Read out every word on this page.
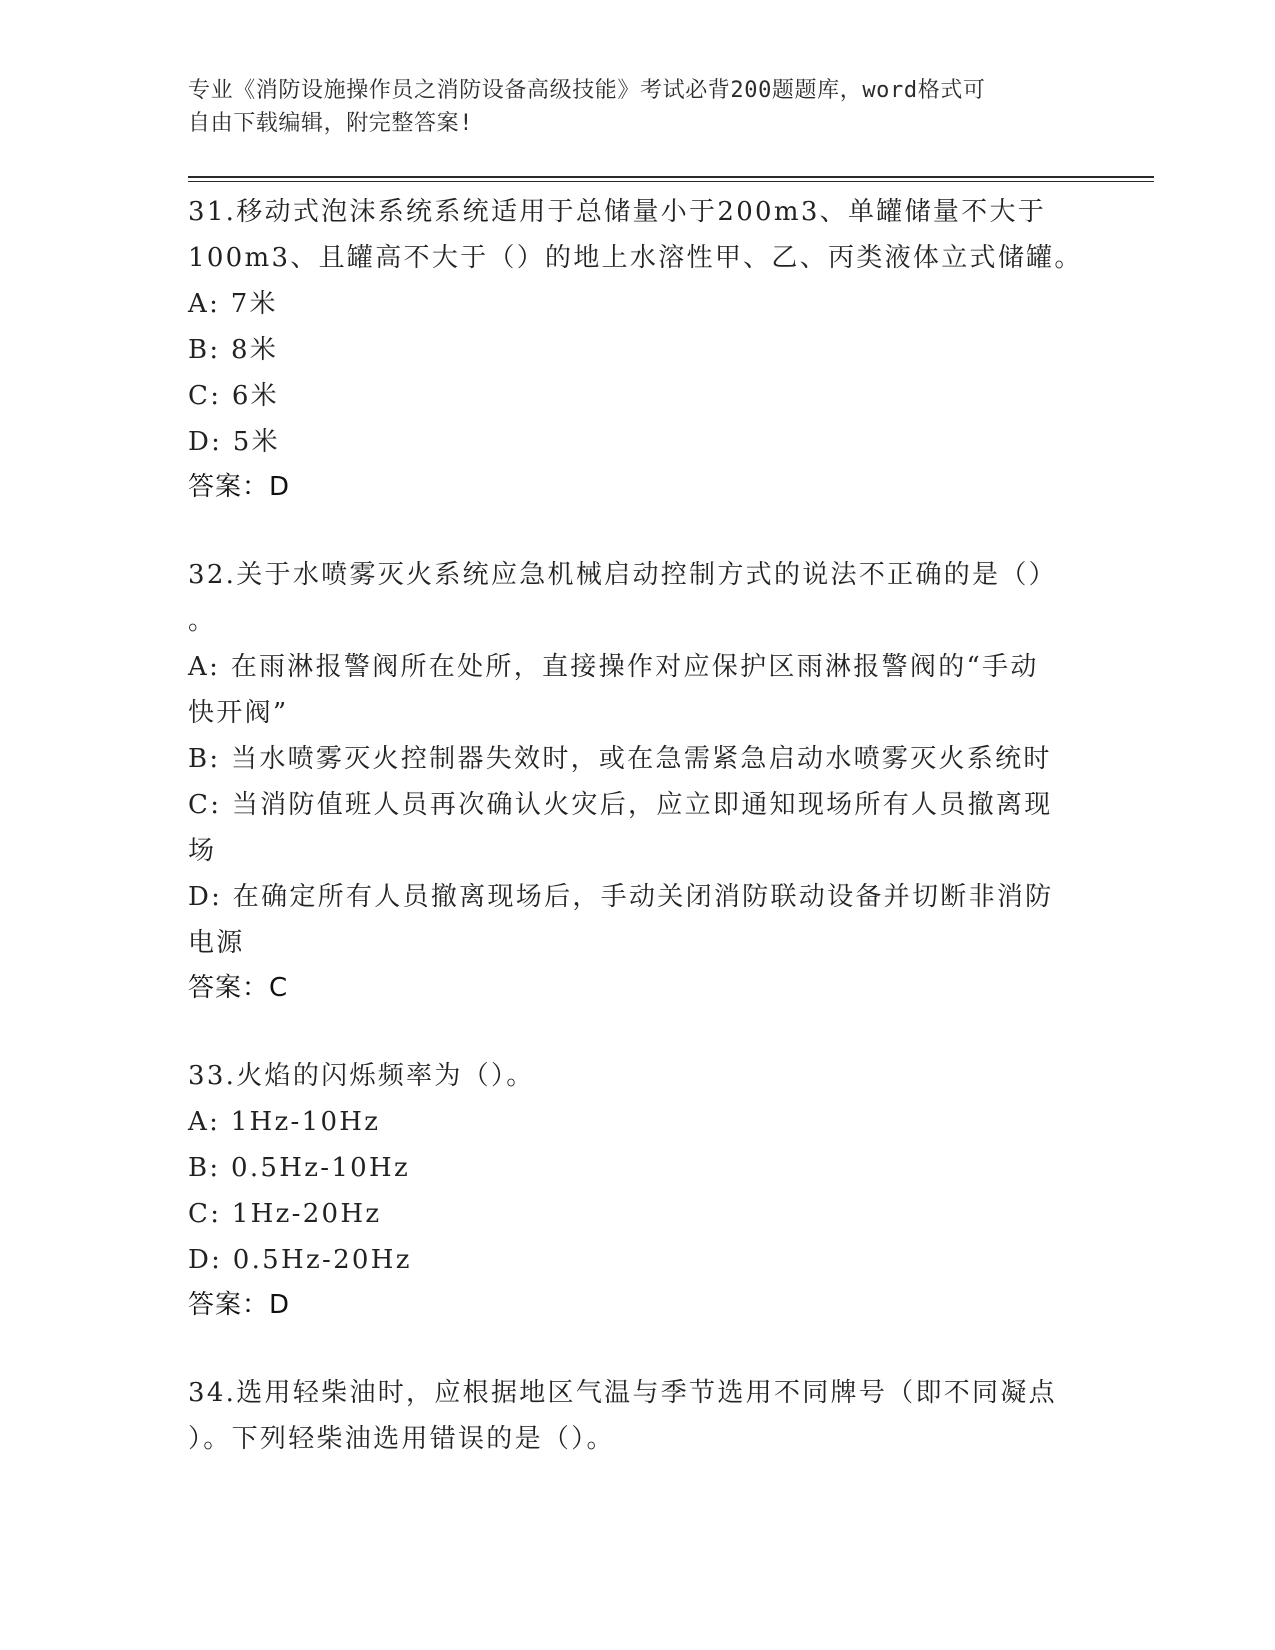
专业《消防设施操作员之消防设备高级技能》考试必背200题题库，word格式可
自由下载编辑，附完整答案!
31.移动式泡沫系统系统适用于总储量小于200m3、单罐储量不大于
100m3、且罐高不大于（）的地上水溶性甲、乙、丙类液体立式储罐。
A: 7米
B: 8米
C: 6米
D: 5米
答案：D
32.关于水喷雾灭火系统应急机械启动控制方式的说法不正确的是（）
。
A: 在雨淋报警阀所在处所，直接操作对应保护区雨淋报警阀的“手动
快开阀”
B: 当水喷雾灭火控制器失效时，或在急需紧急启动水喷雾灭火系统时
C: 当消防值班人员再次确认火灾后，应立即通知现场所有人员撤离现
场
D: 在确定所有人员撤离现场后，手动关闭消防联动设备并切断非消防
电源
答案：C
33.火焰的闪烁频率为（）。
A: 1Hz-10Hz
B: 0.5Hz-10Hz
C: 1Hz-20Hz
D: 0.5Hz-20Hz
答案：D
34.选用轻柴油时，应根据地区气温与季节选用不同牌号（即不同凝点
）。下列轻柴油选用错误的是（）。
